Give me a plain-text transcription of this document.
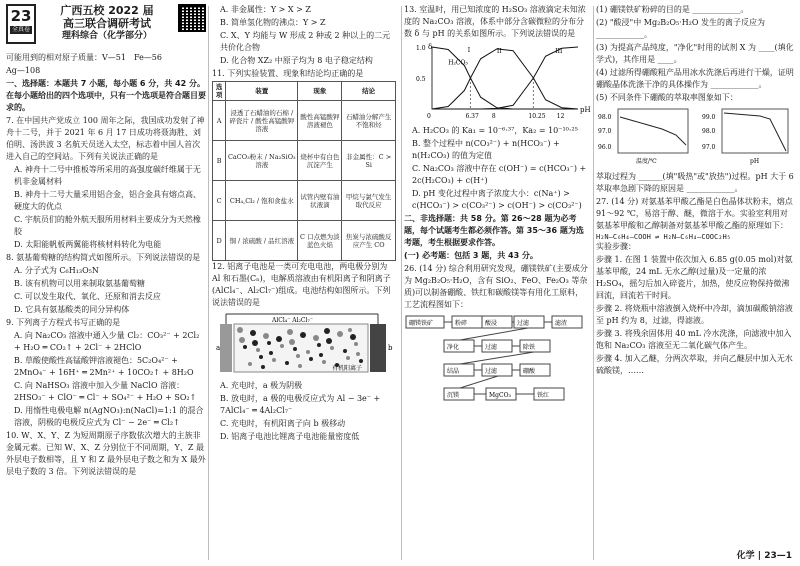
23
全真卷
广西五校 2022 届
高三联合调研考试
理科综合（化学部分）

可能用到的相对原子质量：V—51　Fe—56

Ag—108

一、选择题：本题共 7 小题，每小题 6 分，共 42 分。在每小题给出的四个选项中，只有一个选项是符合题目要求的。

7. 在中国共产党成立 100 周年之际，我国成功发射了神舟十二号，并于 2021 年 6 月 17 日成功将聂海胜、刘伯明、汤洪波 3 名航天员送入太空，标志着中国人首次进入自己的空间站。下列有关说法正确的是

A. 神舟十二号中推板等所采用的高强度碳纤维属于无机非金属材料

B. 神舟十二号大量采用铝合金，铝合金具有熔点高、硬度大的优点

C. 宇航员们的舱外航天服所用材料主要成分为天然橡胶

D. 太阳能帆板两翼能将核材料转化为电能

8. 氨基葡萄糖的结构简式如图所示。下列说法错误的是

A. 分子式为 C₆H₁₃O₅N

B. 该有机物可以用来制取氨基葡萄糖

C. 可以发生取代、氧化、还原和消去反应

D. 它具有氨基酸类的同分异构体

9. 下列离子方程式书写正确的是

A. 向 Na₂CO₃ 溶液中通入少量 Cl₂：CO₃²⁻ + 2Cl₂ + H₂O ═ CO₂↑ + 2Cl⁻ + 2HClO

B. 草酸使酸性高锰酸钾溶液褪色：5C₂O₄²⁻ + 2MnO₄⁻ + 16H⁺ ═ 2Mn²⁺ + 10CO₂↑ + 8H₂O

C. 向 NaHSO₃ 溶液中加入少量 NaClO 溶液：2HSO₃⁻ + ClO⁻ ═ Cl⁻ + SO₄²⁻ + H₂O + SO₂↑

D. 用惰性电极电解 n(AgNO₃):n(NaCl)=1:1 的混合溶液，阴极的电极反应式为 Cl⁻ − 2e⁻ ═ Cl₂↑

10. W、X、Y、Z 为短周期原子序数依次增大的主族非金属元素。已知 W、X、Z 分别位于不同周期，Y、Z 最外层电子数相等，且 Y 和 Z 最外层电子数之和为 X 最外层电子数的 3 倍。下列说法错误的是

A. 非金属性：Y > X > Z

B. 简单氢化物的沸点：Y > Z

C. X、Y 均能与 W 形成 2 种或 2 种以上的二元共价化合物

D. 化合物 XZ₂ 中原子均为 8 电子稳定结构

11. 下列实验装置、现象和结论均正确的是

选项	装置	现象	结论
A	浸透了石蜡油的石棉 / 碎瓷片 / 酸性高锰酸钾溶液	酸性高锰酸钾溶液褪色	石蜡油分解产生不饱和烃
B	CaCO₃粉末 / Na₂SiO₃溶液	烧杯中有白色沉淀产生	非金属性：C > Si
C	CH₄,Cl₂ / 饱和食盐水	试管内壁有油状液滴	甲烷与氯气发生取代反应
D	铜 / 浓硫酸 / 品红溶液	C 口点燃为淡蓝色火焰	焦炭与浓硫酸反应产生 CO

12. 铝离子电池是一类可充电电池，两电极分别为 Al 和石墨(Cₙ)，电解质溶液由有机阳离子和阴离子(AlCl₄⁻、Al₂Cl₇⁻)组成。电池结构如图所示。下列说法错误的是

a	b
AlCl₄⁻ Al₂Cl₇⁻
有机阳离子

A. 充电时，a 极为阴极

B. 放电时，a 极的电极反应式为 Al − 3e⁻ + 7AlCl₄⁻ ═ 4Al₂Cl₇⁻

C. 充电时，有机阳离子向 b 极移动

D. 铝离子电池比锂离子电池能量密度低

13. 室温时，用已知浓度的 H₂SO₃ 溶液滴定未知浓度的 Na₂CO₃ 溶液，体系中部分含碳微粒的分布分数 δ 与 pH 的关系如图所示。下列说法错误的是

0	6.37 8	10.25 12
1.0
0.5
pH
δ
H₂CO₃
I	II	III

A. H₂CO₃ 的 Ka₁ = 10⁻⁶·³⁷，Ka₂ = 10⁻¹⁰·²⁵

B. 整个过程中 n(CO₃²⁻) + n(HCO₃⁻) + n(H₂CO₃) 的值为定值

C. Na₂CO₃ 溶液中存在 c(OH⁻) = c(HCO₃⁻) + 2c(H₂CO₃) + c(H⁺)

D. pH 变化过程中离子浓度大小：c(Na⁺) > c(HCO₃⁻) > c(CO₃²⁻) > c(OH⁻) > c(CO₃²⁻)

二、非选择题：共 58 分。第 26～28 题为必考题，每个试题考生都必须作答。第 35～36 题为选考题，考生根据要求作答。

(一) 必考题：包括 3 题，共 43 分。

26. (14 分) 综合利用研究发现，硼镁铁矿(主要成分为 Mg₂B₂O₅·H₂O，含有 SiO₂、FeO、Fe₂O₃ 等杂质)可以制备硼酸、铁红和碳酸镁等有用化工原料，工艺流程图如下：

硼镁铁矿	粉碎	酸浸	过滤	滤渣
净化	过滤	除铁
结晶	过滤	硼酸
沉镁	MgCO₃	铁红

(1) 硼镁铁矿粉碎的目的是 ____________。

(2) "酸浸"中 Mg₂B₂O₅·H₂O 发生的离子反应为 ____________。

(3) 为提高产品纯度，"净化"时用的试剂 X 为 ____(填化学式)，其作用是 ____。

(4) 过滤所得硼酸粗产品用冰水洗涤后再进行干燥，证明硼酸晶体洗涤干净的具体操作为 ____________。

(5) 不同条件下硼酸的萃取率图象如下：

98.0
97.0
96.0
温度/℃
99.0
98.0
97.0
pH

萃取过程为 ______(填"吸热"或"放热")过程。pH 大于 6 萃取率急剧下降的原因是 ____________。

27. (14 分) 对氨基苯甲酸乙酯是白色晶体状粉末，熔点 91～92 ℃，易溶于醇、醚，微溶于水。实验室利用对氨基苯甲酸和乙醇制备对氨基苯甲酸乙酯的原理如下：

H₂N—C₆H₄—COOH ⇌ H₂N—C₆H₄—COOC₂H₅

实验步骤：

步骤 1. 在图 1 装置中依次加入 6.85 g(0.05 mol)对氨基苯甲酸，24 mL 无水乙醇(过量)及一定量的浓 H₂SO₄，摇匀后加入碎瓷片，加热，使反应物保持微沸回流，回流若干时间。

步骤 2. 将烧瓶中溶液倒入烧杯中冷却，滴加碳酸钠溶液至 pH 约为 8，过滤，得滤液。

步骤 3. 将残余固体用 40 mL 冷水洗涤，向滤液中加入饱和 Na₂CO₃ 溶液至无二氧化碳气体产生。

步骤 4. 加入乙醚，分两次萃取，并向乙醚层中加入无水硫酸镁，……

化学 | 23—1
